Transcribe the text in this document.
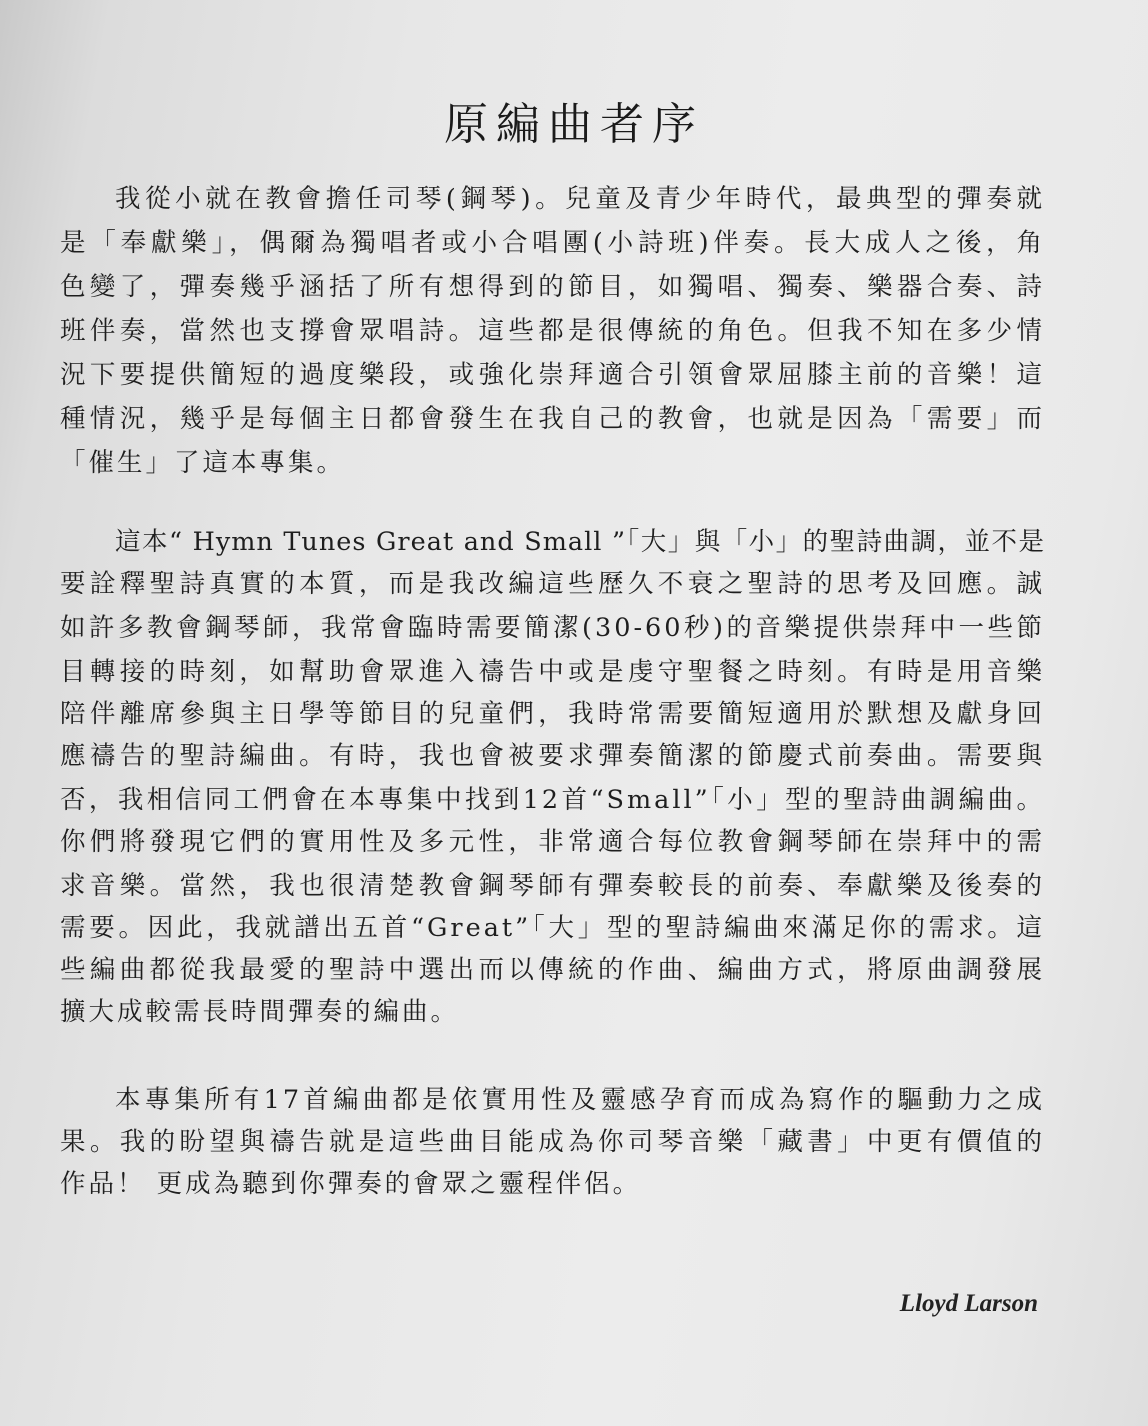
原編曲者序
我從小就在教會擔任司琴(鋼琴)。兒童及青少年時代，最典型的彈奏就
是「奉獻樂」，偶爾為獨唱者或小合唱團(小詩班)伴奏。長大成人之後，角
色變了，彈奏幾乎涵括了所有想得到的節目，如獨唱、獨奏、樂器合奏、詩
班伴奏，當然也支撐會眾唱詩。這些都是很傳統的角色。但我不知在多少情
況下要提供簡短的過度樂段，或強化崇拜適合引領會眾屈膝主前的音樂！這
種情況，幾乎是每個主日都會發生在我自己的教會，也就是因為「需要」而
「催生」了這本專集。
這本“ Hymn Tunes Great and Small ”「大」與「小」的聖詩曲調，並不是
要詮釋聖詩真實的本質，而是我改編這些歷久不衰之聖詩的思考及回應。誠
如許多教會鋼琴師，我常會臨時需要簡潔(30-60秒)的音樂提供崇拜中一些節
目轉接的時刻，如幫助會眾進入禱告中或是虔守聖餐之時刻。有時是用音樂
陪伴離席參與主日學等節目的兒童們，我時常需要簡短適用於默想及獻身回
應禱告的聖詩編曲。有時，我也會被要求彈奏簡潔的節慶式前奏曲。需要與
否，我相信同工們會在本專集中找到12首“Small”「小」型的聖詩曲調編曲。
你們將發現它們的實用性及多元性，非常適合每位教會鋼琴師在崇拜中的需
求音樂。當然，我也很清楚教會鋼琴師有彈奏較長的前奏、奉獻樂及後奏的
需要。因此，我就譜出五首“Great”「大」型的聖詩編曲來滿足你的需求。這
些編曲都從我最愛的聖詩中選出而以傳統的作曲、編曲方式，將原曲調發展
擴大成較需長時間彈奏的編曲。
本專集所有17首編曲都是依實用性及靈感孕育而成為寫作的驅動力之成
果。我的盼望與禱告就是這些曲目能成為你司琴音樂「藏書」中更有價值的
作品！ 更成為聽到你彈奏的會眾之靈程伴侶。
Lloyd Larson
